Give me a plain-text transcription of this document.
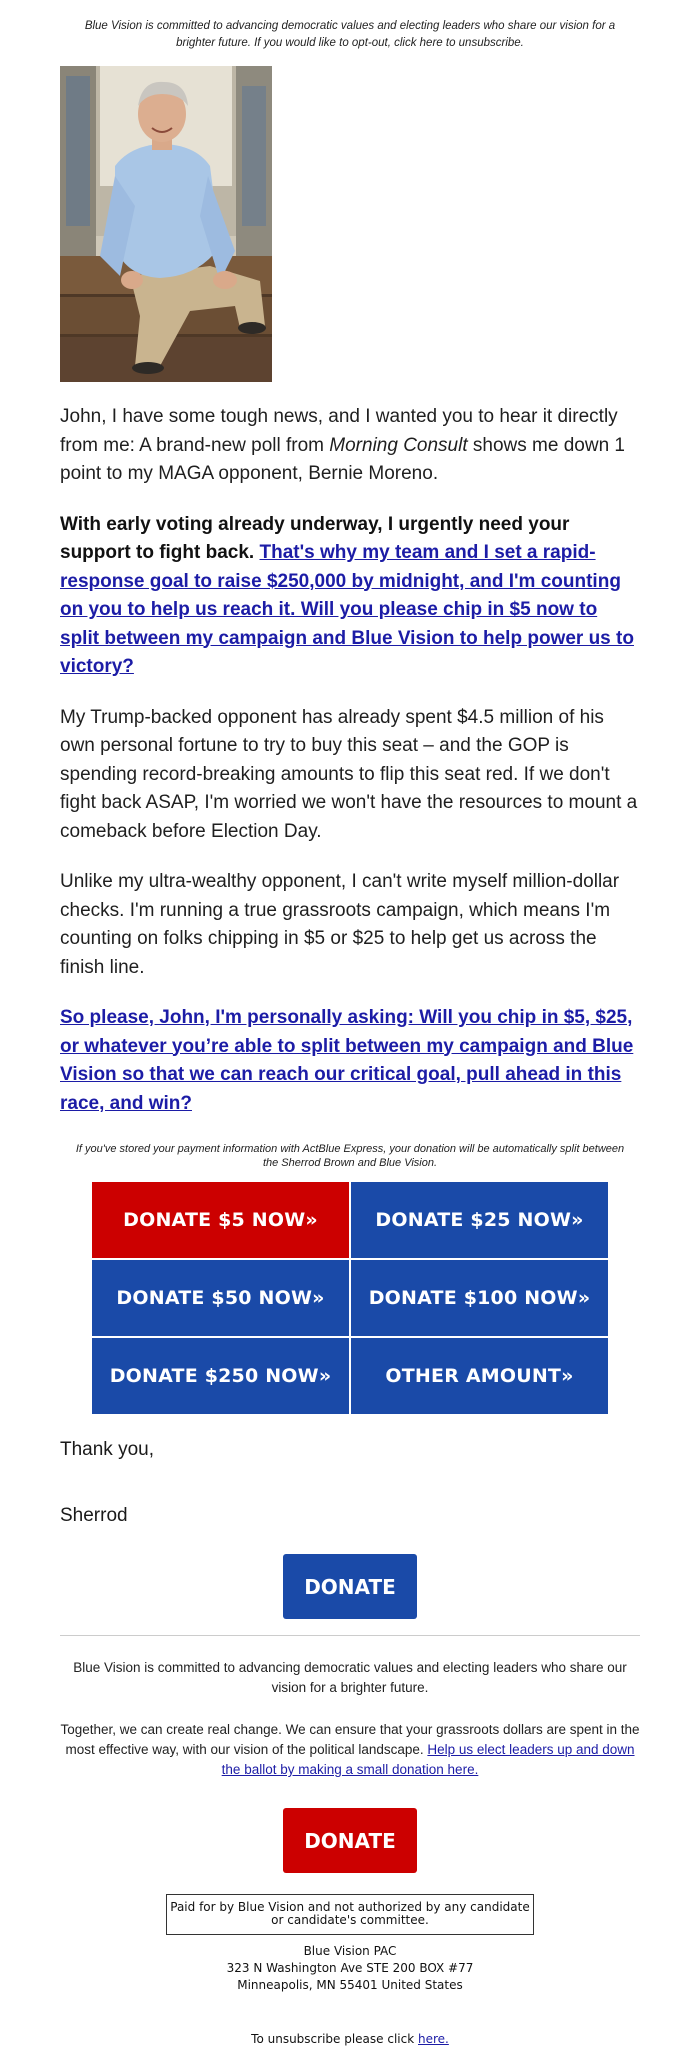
Blue Vision is committed to advancing democratic values and electing leaders who share our vision for a
brighter future. If you would like to opt-out, click here to unsubscribe.

John, I have some tough news, and I wanted you to hear it directly from me: A brand-new poll from Morning Consult shows me down 1 point to my MAGA opponent, Bernie Moreno.

With early voting already underway, I urgently need your support to fight back. That's why my team and I set a rapid-response goal to raise $250,000 by midnight, and I'm counting on you to help us reach it. Will you please chip in $5 now to split between my campaign and Blue Vision to help power us to victory?

My Trump-backed opponent has already spent $4.5 million of his own personal fortune to try to buy this seat – and the GOP is spending record-breaking amounts to flip this seat red. If we don't fight back ASAP, I'm worried we won't have the resources to mount a comeback before Election Day.

Unlike my ultra-wealthy opponent, I can't write myself million-dollar checks. I'm running a true grassroots campaign, which means I'm counting on folks chipping in $5 or $25 to help get us across the finish line.

So please, John, I'm personally asking: Will you chip in $5, $25, or whatever you’re able to split between my campaign and Blue Vision so that we can reach our critical goal, pull ahead in this race, and win?

If you've stored your payment information with ActBlue Express, your donation will be automatically split between the Sherrod Brown and Blue Vision.
DONATE $5 NOW»	DONATE $25 NOW»
DONATE $50 NOW»	DONATE $100 NOW»
DONATE $250 NOW»	OTHER AMOUNT»
Thank you,
Sherrod
DONATE
Blue Vision is committed to advancing democratic values and electing leaders who share our vision for a brighter future.
Together, we can create real change. We can ensure that your grassroots dollars are spent in the most effective way, with our vision of the political landscape. Help us elect leaders up and down the ballot by making a small donation here.
DONATE
Paid for by Blue Vision and not authorized by any candidate or candidate's committee.
Blue Vision PAC
323 N Washington Ave STE 200 BOX #77
Minneapolis, MN 55401 United States
To unsubscribe please click here.
